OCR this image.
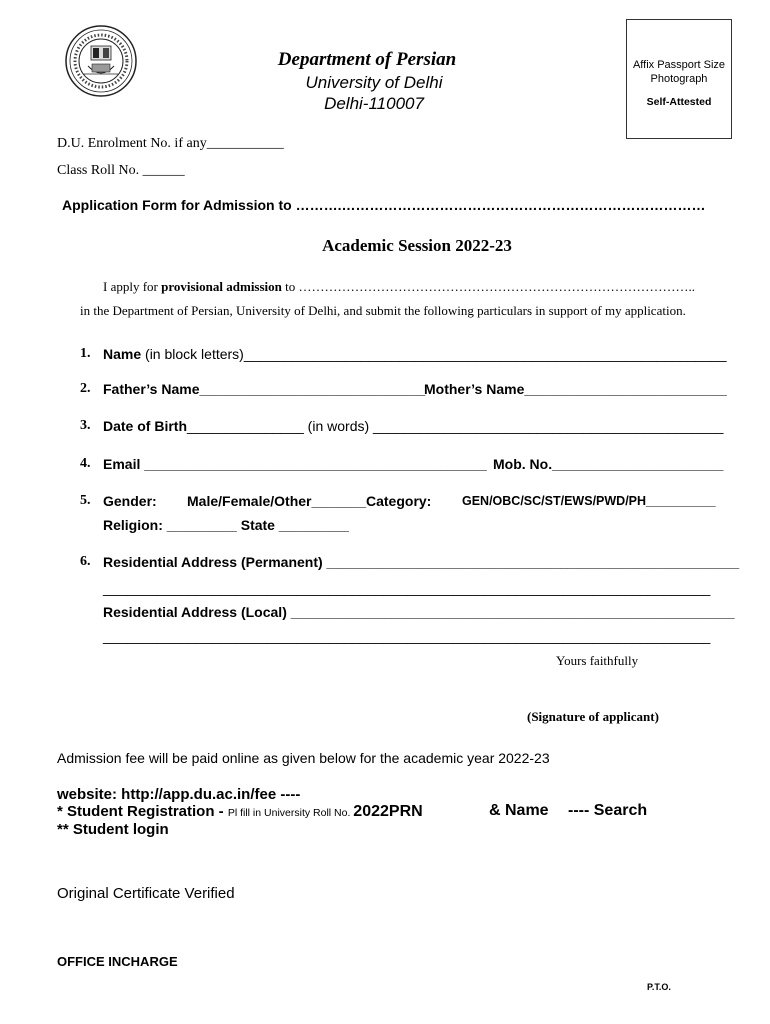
Department of Persian
University of Delhi
Delhi-110007
Affix Passport Size Photograph
Self-Attested
D.U. Enrolment No. if any___________
Class Roll No. ______
Application Form for Admission to ……….……………………………………………………………………
Academic Session 2022-23
I apply for provisional admission to ………………………………………………………………………………..
in the Department of Persian, University of Delhi, and submit the following particulars in support of my application.
1. Name (in block letters)______________________________________________________________
2. Father’s Name_____________________________
Mother’s Name__________________________
3. Date of Birth_______________ (in words) _____________________________________________
4. Email ____________________________________________ Mob. No.______________________
5. Gender: Male/Female/Other_______Category: GEN/OBC/SC/ST/EWS/PWD/PH__________
Religion: _________ State _________
6. Residential Address (Permanent) _____________________________________________________
______________________________________________________________________________
Residential Address (Local) _________________________________________________________
______________________________________________________________________________
Yours faithfully
(Signature of applicant)
Admission fee will be paid online as given below for the academic year 2022-23
website: http://app.du.ac.in/fee ----
* Student Registration - Pl fill in University Roll No. 2022PRN	& Name ---- Search
** Student login
Original Certificate Verified
OFFICE INCHARGE
P.T.O.
